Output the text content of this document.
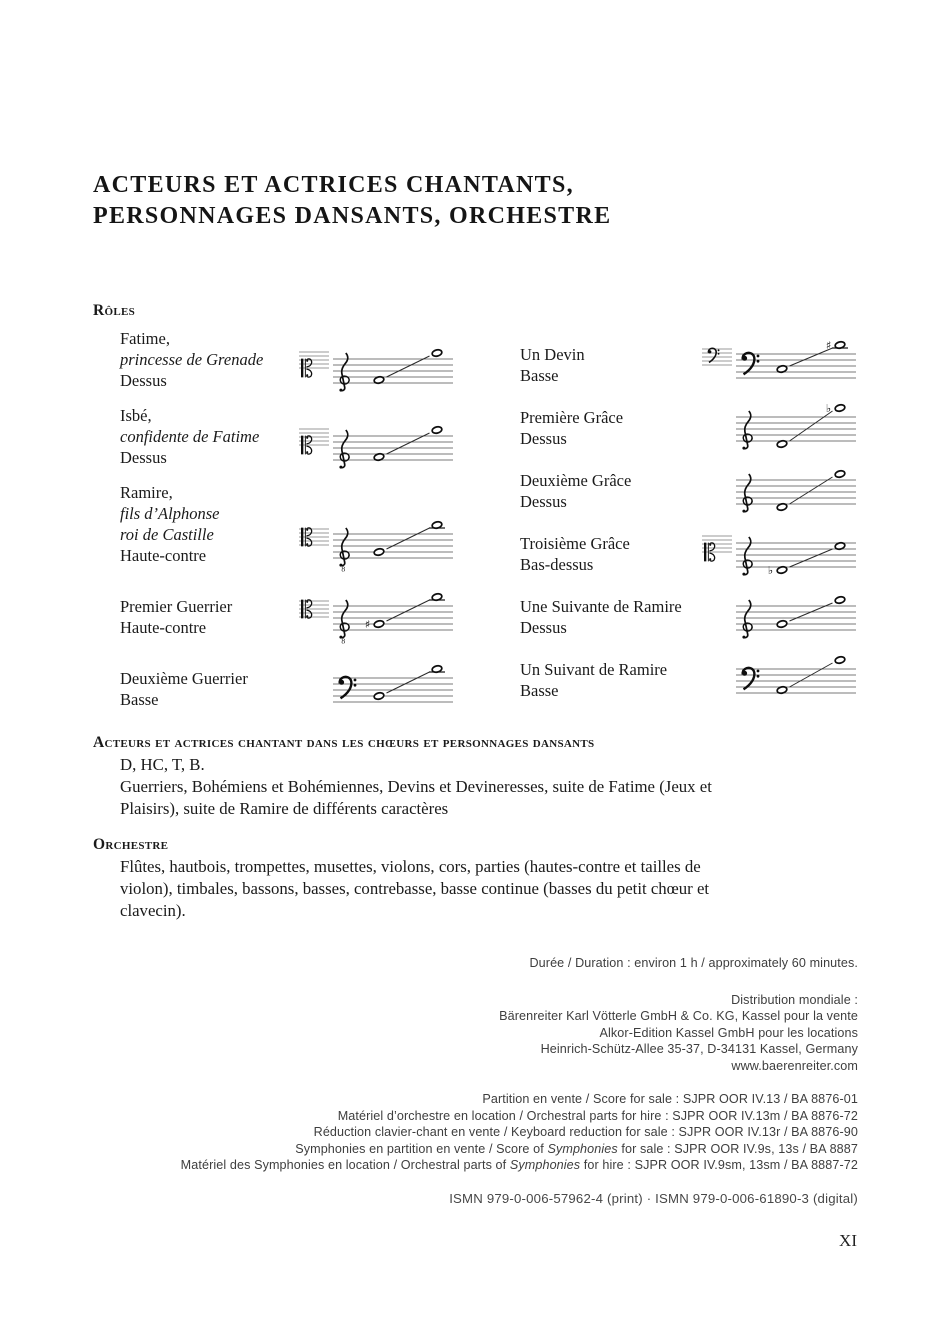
ACTEURS ET ACTRICES CHANTANTS,
PERSONNAGES DANSANTS, ORCHESTRE
Rôles
Fatime,
princesse de Grenade
Dessus
Isbé,
confidente de Fatime
Dessus
Ramire,
fils d’Alphonse
roi de Castille
Haute-contre
8
Premier Guerrier
Haute-contre
8
♯
Deuxième Guerrier
Basse
Un Devin
Basse
♯
Première Grâce
Dessus
♭
Deuxième Grâce
Dessus
Troisième Grâce
Bas-dessus	♭
Une Suivante de Ramire
Dessus
Un Suivant de Ramire
Basse
Acteurs et actrices chantant dans les chœurs et personnages dansants
D, HC, T, B.
Guerriers, Bohémiens et Bohémiennes, Devins et Devineresses, suite de Fatime (Jeux et
Plaisirs), suite de Ramire de différents caractères
Orchestre
Flûtes, hautbois, trompettes, musettes, violons, cors, parties (hautes-contre et tailles de
violon), timbales, bassons, basses, contrebasse, basse continue (basses du petit chœur et
clavecin).
Durée / Duration : environ 1 h / approximately 60 minutes.
Distribution mondiale :
Bärenreiter Karl Vötterle GmbH & Co. KG, Kassel pour la vente
Alkor-Edition Kassel GmbH pour les locations
Heinrich-Schütz-Allee 35-37, D-34131 Kassel, Germany
www.baerenreiter.com
Partition en vente / Score for sale : SJPR OOR IV.13 / BA 8876-01
Matériel d’orchestre en location / Orchestral parts for hire : SJPR OOR IV.13m / BA 8876-72
Réduction clavier-chant en vente / Keyboard reduction for sale : SJPR OOR IV.13r / BA 8876-90
Symphonies en partition en vente / Score of Symphonies for sale : SJPR OOR IV.9s, 13s / BA 8887
Matériel des Symphonies en location / Orchestral parts of Symphonies for hire : SJPR OOR IV.9sm, 13sm / BA 8887-72
ISMN 979-0-006-57962-4 (print) · ISMN 979-0-006-61890-3 (digital)
XI
